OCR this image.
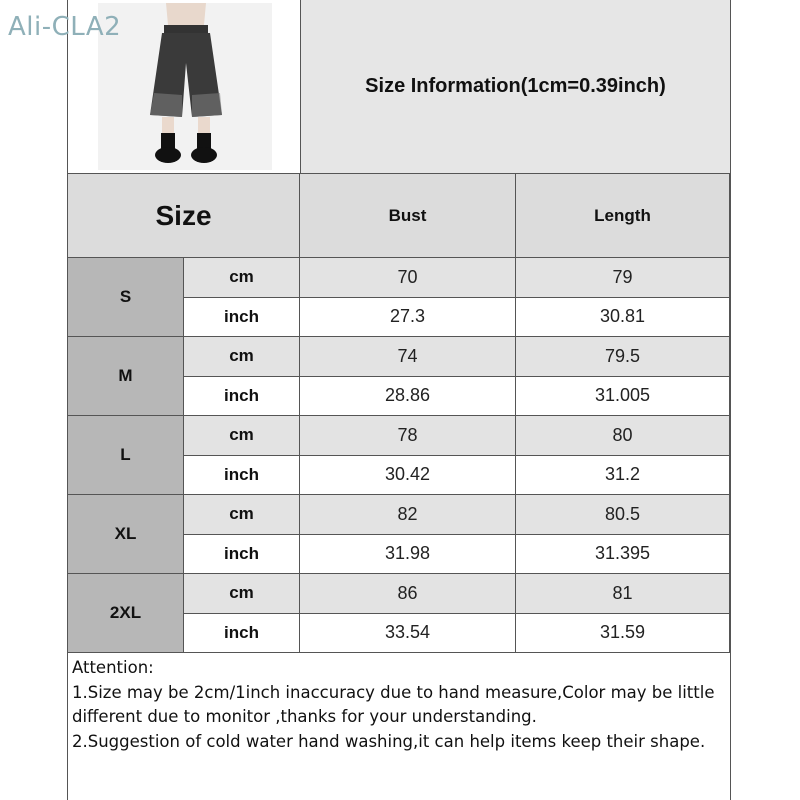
Ali-CLA2
Size Information(1cm=0.39inch)
Size	Bust	Length
S
cm	70	79
inch	27.3	30.81
M
cm	74	79.5
inch	28.86	31.005
L
cm	78	80
inch	30.42	31.2
XL
cm	82	80.5
inch	31.98	31.395
2XL
cm	86	81
inch	33.54	31.59
Attention:
1.Size may be 2cm/1inch inaccuracy due to hand measure,Color may be little
different due to monitor ,thanks for your understanding.
2.Suggestion of cold water hand washing,it can help items keep their shape.
